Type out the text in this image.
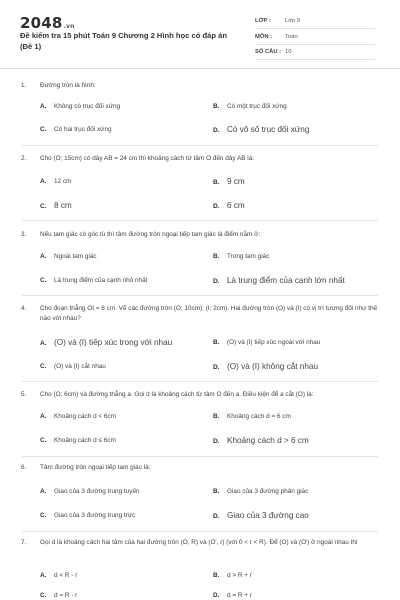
2048.vn
Đề kiểm tra 15 phút Toán 9 Chương 2 Hình học có đáp án (Đề 1)
LỚP : Lớp 9
MÔN : Toán
SỐ CÂU : 10
1. Đường tròn là hình:
A. Không có trục đối xứng	B. Có một trục đối xứng
C. Có hai trục đối xứng	D. Có vô số trục đối xứng
2. Cho (O; 15cm) có dây AB = 24 cm thì khoảng cách từ tâm O đến dây AB là:
A. 12 cm	B. 9 cm
C. 8 cm	D. 6 cm
3. Nếu tam giác có góc tù thì tâm đường tròn ngoại tiếp tam giác là điểm nằm ở:
A. Ngoài tam giác	B. Trong tam giác
C. Là trung điểm của cạnh nhỏ nhất	D. Là trung điểm của cạnh lớn nhất
4. Cho đoạn thẳng OI = 8 cm. Vẽ các đường tròn (O; 10cm); (I; 2cm). Hai đường tròn (O) và (I) có vị trí tương đối như thế nào với nhau?
A. (O) và (I) tiếp xúc trong với nhau	B. (O) và (I) tiếp xúc ngoài với nhau
C. (O) và (I) cắt nhau	D. (O) và (I) không cắt nhau
5. Cho (O; 6cm) và đường thẳng a. Gọi d là khoảng cách từ tâm O đến a. Điều kiện để a cắt (O) là:
A. Khoảng cách d < 6cm	B. Khoảng cách d = 6 cm
C. Khoảng cách d ≤ 6cm	D. Khoảng cách d > 6 cm
6. Tâm đường tròn ngoại tiếp tam giác là:
A. Giao của 3 đường trung tuyến	B. Giao của 3 đường phân giác
C. Giao của 3 đường trung trực	D. Giao của 3 đường cao
7. Gọi d là khoảng cách hai tâm của hai đường tròn (O, R) và (O', r) (với 0 < r < R). Để (O) và (O') ở ngoài nhau thì
A. d < R - r	B. d > R + r
C. d = R - r	D. d = R + r
